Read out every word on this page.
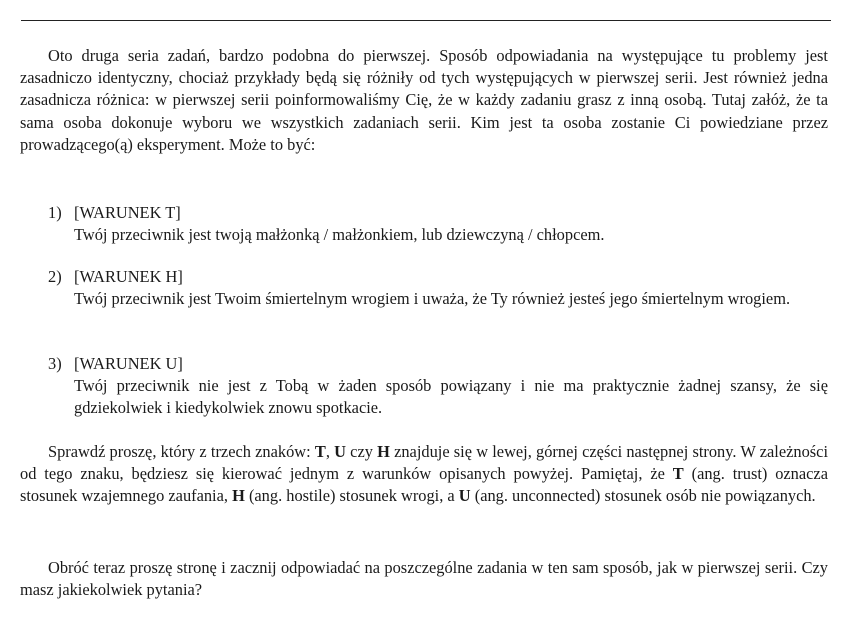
Oto druga seria zadań, bardzo podobna do pierwszej. Sposób odpowiadania na występujące tu problemy jest zasadniczo identyczny, chociaż przykłady będą się różniły od tych występujących w pierwszej serii. Jest również jedna zasadnicza różnica: w pierwszej serii poinformowaliśmy Cię, że w każdy zadaniu grasz z inną osobą. Tutaj załóż, że ta sama osoba dokonuje wyboru we wszystkich zadaniach serii. Kim jest ta osoba zostanie Ci powiedziane przez prowadzącego(ą) eksperyment. Może to być:

1) [WARUNEK T]
Twój przeciwnik jest twoją małżonką / małżonkiem, lub dziewczyną / chłopcem.
2) [WARUNEK H]
Twój przeciwnik jest Twoim śmiertelnym wrogiem i uważa, że Ty również jesteś jego śmiertelnym wrogiem.
3) [WARUNEK U]
Twój przeciwnik nie jest z Tobą w żaden sposób powiązany i nie ma praktycznie żadnej szansy, że się gdziekolwiek i kiedykolwiek znowu spotkacie.

Sprawdź proszę, który z trzech znaków: T, U czy H znajduje się w lewej, górnej części następnej strony. W zależności od tego znaku, będziesz się kierować jednym z warunków opisanych powyżej. Pamiętaj, że T (ang. trust) oznacza stosunek wzajemnego zaufania, H (ang. hostile) stosunek wrogi, a U (ang. unconnected) stosunek osób nie powiązanych.

Obróć teraz proszę stronę i zacznij odpowiadać na poszczególne zadania w ten sam sposób, jak w pierwszej serii. Czy masz jakiekolwiek pytania?
